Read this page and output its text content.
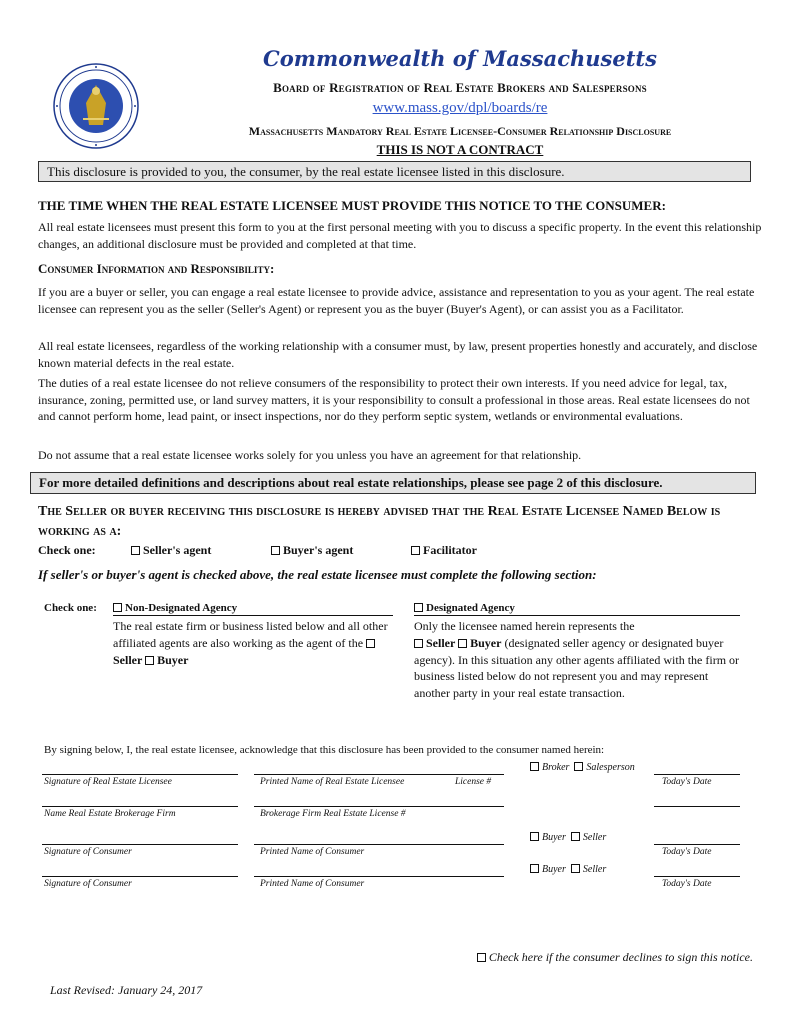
Commonwealth of Massachusetts
Board of Registration of Real Estate Brokers and Salespersons
www.mass.gov/dpl/boards/re
Massachusetts Mandatory Real Estate Licensee-Consumer Relationship Disclosure
THIS IS NOT A CONTRACT
This disclosure is provided to you, the consumer, by the real estate licensee listed in this disclosure.
THE TIME WHEN THE REAL ESTATE LICENSEE MUST PROVIDE THIS NOTICE TO THE CONSUMER:
All real estate licensees must present this form to you at the first personal meeting with you to discuss a specific property. In the event this relationship changes, an additional disclosure must be provided and completed at that time.
Consumer Information and Responsibility:
If you are a buyer or seller, you can engage a real estate licensee to provide advice, assistance and representation to you as your agent. The real estate licensee can represent you as the seller (Seller's Agent) or represent you as the buyer (Buyer's Agent), or can assist you as a Facilitator.
All real estate licensees, regardless of the working relationship with a consumer must, by law, present properties honestly and accurately, and disclose known material defects in the real estate.
The duties of a real estate licensee do not relieve consumers of the responsibility to protect their own interests. If you need advice for legal, tax, insurance, zoning, permitted use, or land survey matters, it is your responsibility to consult a professional in those areas. Real estate licensees do not and cannot perform home, lead paint, or insect inspections, nor do they perform septic system, wetlands or environmental evaluations.
Do not assume that a real estate licensee works solely for you unless you have an agreement for that relationship.
For more detailed definitions and descriptions about real estate relationships, please see page 2 of this disclosure.
The Seller or buyer receiving this disclosure is hereby advised that the Real Estate Licensee Named Below is working as a:
Check one:	Seller's agent	Buyer's agent	Facilitator
If seller's or buyer's agent is checked above, the real estate licensee must complete the following section:
Check one:	Non-Designated Agency
The real estate firm or business listed below and all other affiliated agents are also working as the agent of the Seller Buyer
Designated Agency
Only the licensee named herein represents the
Seller Buyer (designated seller agency or designated buyer agency). In this situation any other agents affiliated with the firm or business listed below do not represent you and may represent another party in your real estate transaction.
By signing below, I, the real estate licensee, acknowledge that this disclosure has been provided to the consumer named herein:
Broker Salesperson
Signature of Real Estate Licensee	Printed Name of Real Estate Licensee	License #	Today's Date
Name Real Estate Brokerage Firm	Brokerage Firm Real Estate License #
Buyer Seller
Signature of Consumer	Printed Name of Consumer	Today's Date
Buyer Seller
Signature of Consumer	Printed Name of Consumer	Today's Date
Check here if the consumer declines to sign this notice.
Last Revised: January 24, 2017
